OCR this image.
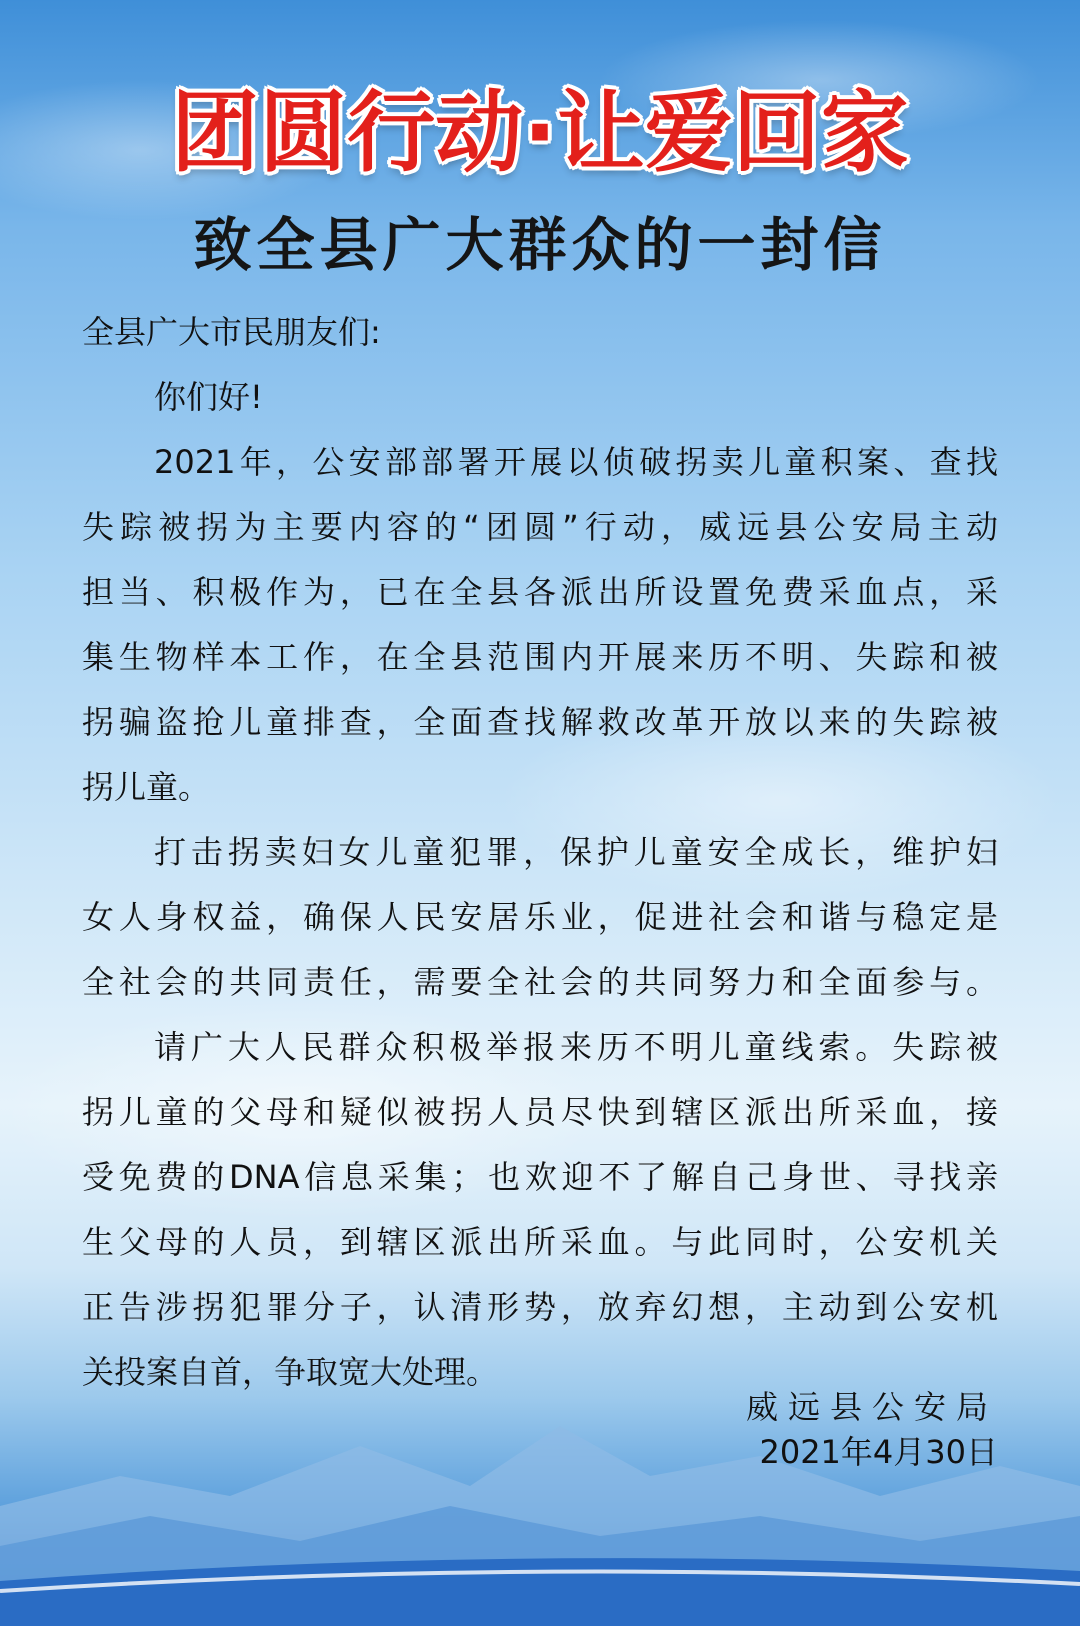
团圆行动·让爱回家
致全县广大群众的一封信
全县广大市民朋友们:
你们好!
2021年，公安部部署开展以侦破拐卖儿童积案、查找
失踪被拐为主要内容的“团圆”行动，威远县公安局主动
担当、积极作为，已在全县各派出所设置免费采血点，采
集生物样本工作，在全县范围内开展来历不明、失踪和被
拐骗盗抢儿童排查，全面查找解救改革开放以来的失踪被
拐儿童。
打击拐卖妇女儿童犯罪，保护儿童安全成长，维护妇
女人身权益，确保人民安居乐业，促进社会和谐与稳定是
全社会的共同责任，需要全社会的共同努力和全面参与。
请广大人民群众积极举报来历不明儿童线索。失踪被
拐儿童的父母和疑似被拐人员尽快到辖区派出所采血，接
受免费的DNA信息采集；也欢迎不了解自己身世、寻找亲
生父母的人员，到辖区派出所采血。与此同时，公安机关
正告涉拐犯罪分子，认清形势，放弃幻想，主动到公安机
关投案自首，争取宽大处理。
威远县公安局
2021年4月30日
